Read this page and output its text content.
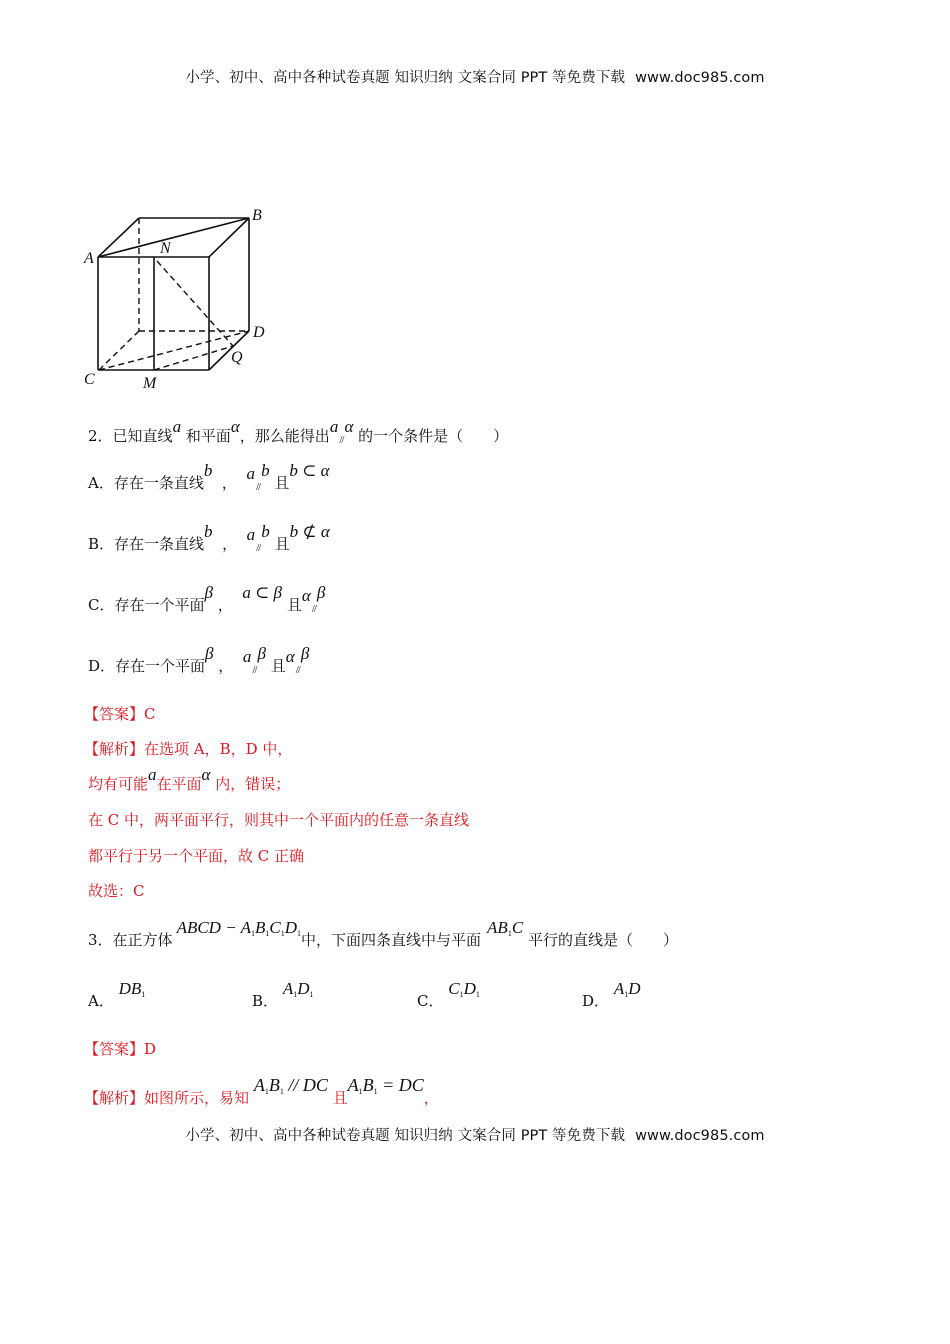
小学、初中、高中各种试卷真题 知识归纳 文案合同 PPT 等免费下载 www.doc985.com
A
B
N
D
Q
C	M
2．已知直线a 和平面α，那么能得出a//α 的一个条件是（　　）
A．存在一条直线b  ， a//b 且b ⊂ α
B．存在一条直线b  ， a//b 且b ⊄ α
C．存在一个平面β ，  a ⊂ β 且α//β
D．存在一个平面β ， a//β 且α//β
【答案】C
【解析】在选项 A，B，D 中，
均有可能a在平面α 内，错误；
在 C 中，两平面平行，则其中一个平面内的任意一条直线
都平行于另一个平面，故 C 正确
故选：C
3．在正方体ABCD − A1B1C1D1中，下面四条直线中与平面AB1C 平行的直线是（　　）
A． DB1	B． A1D1	C． C1D1	D． A1D
【答案】D
【解析】如图所示，易知 A1B1 // DC 且A1B1 = DC，
小学、初中、高中各种试卷真题 知识归纳 文案合同 PPT 等免费下载 www.doc985.com
